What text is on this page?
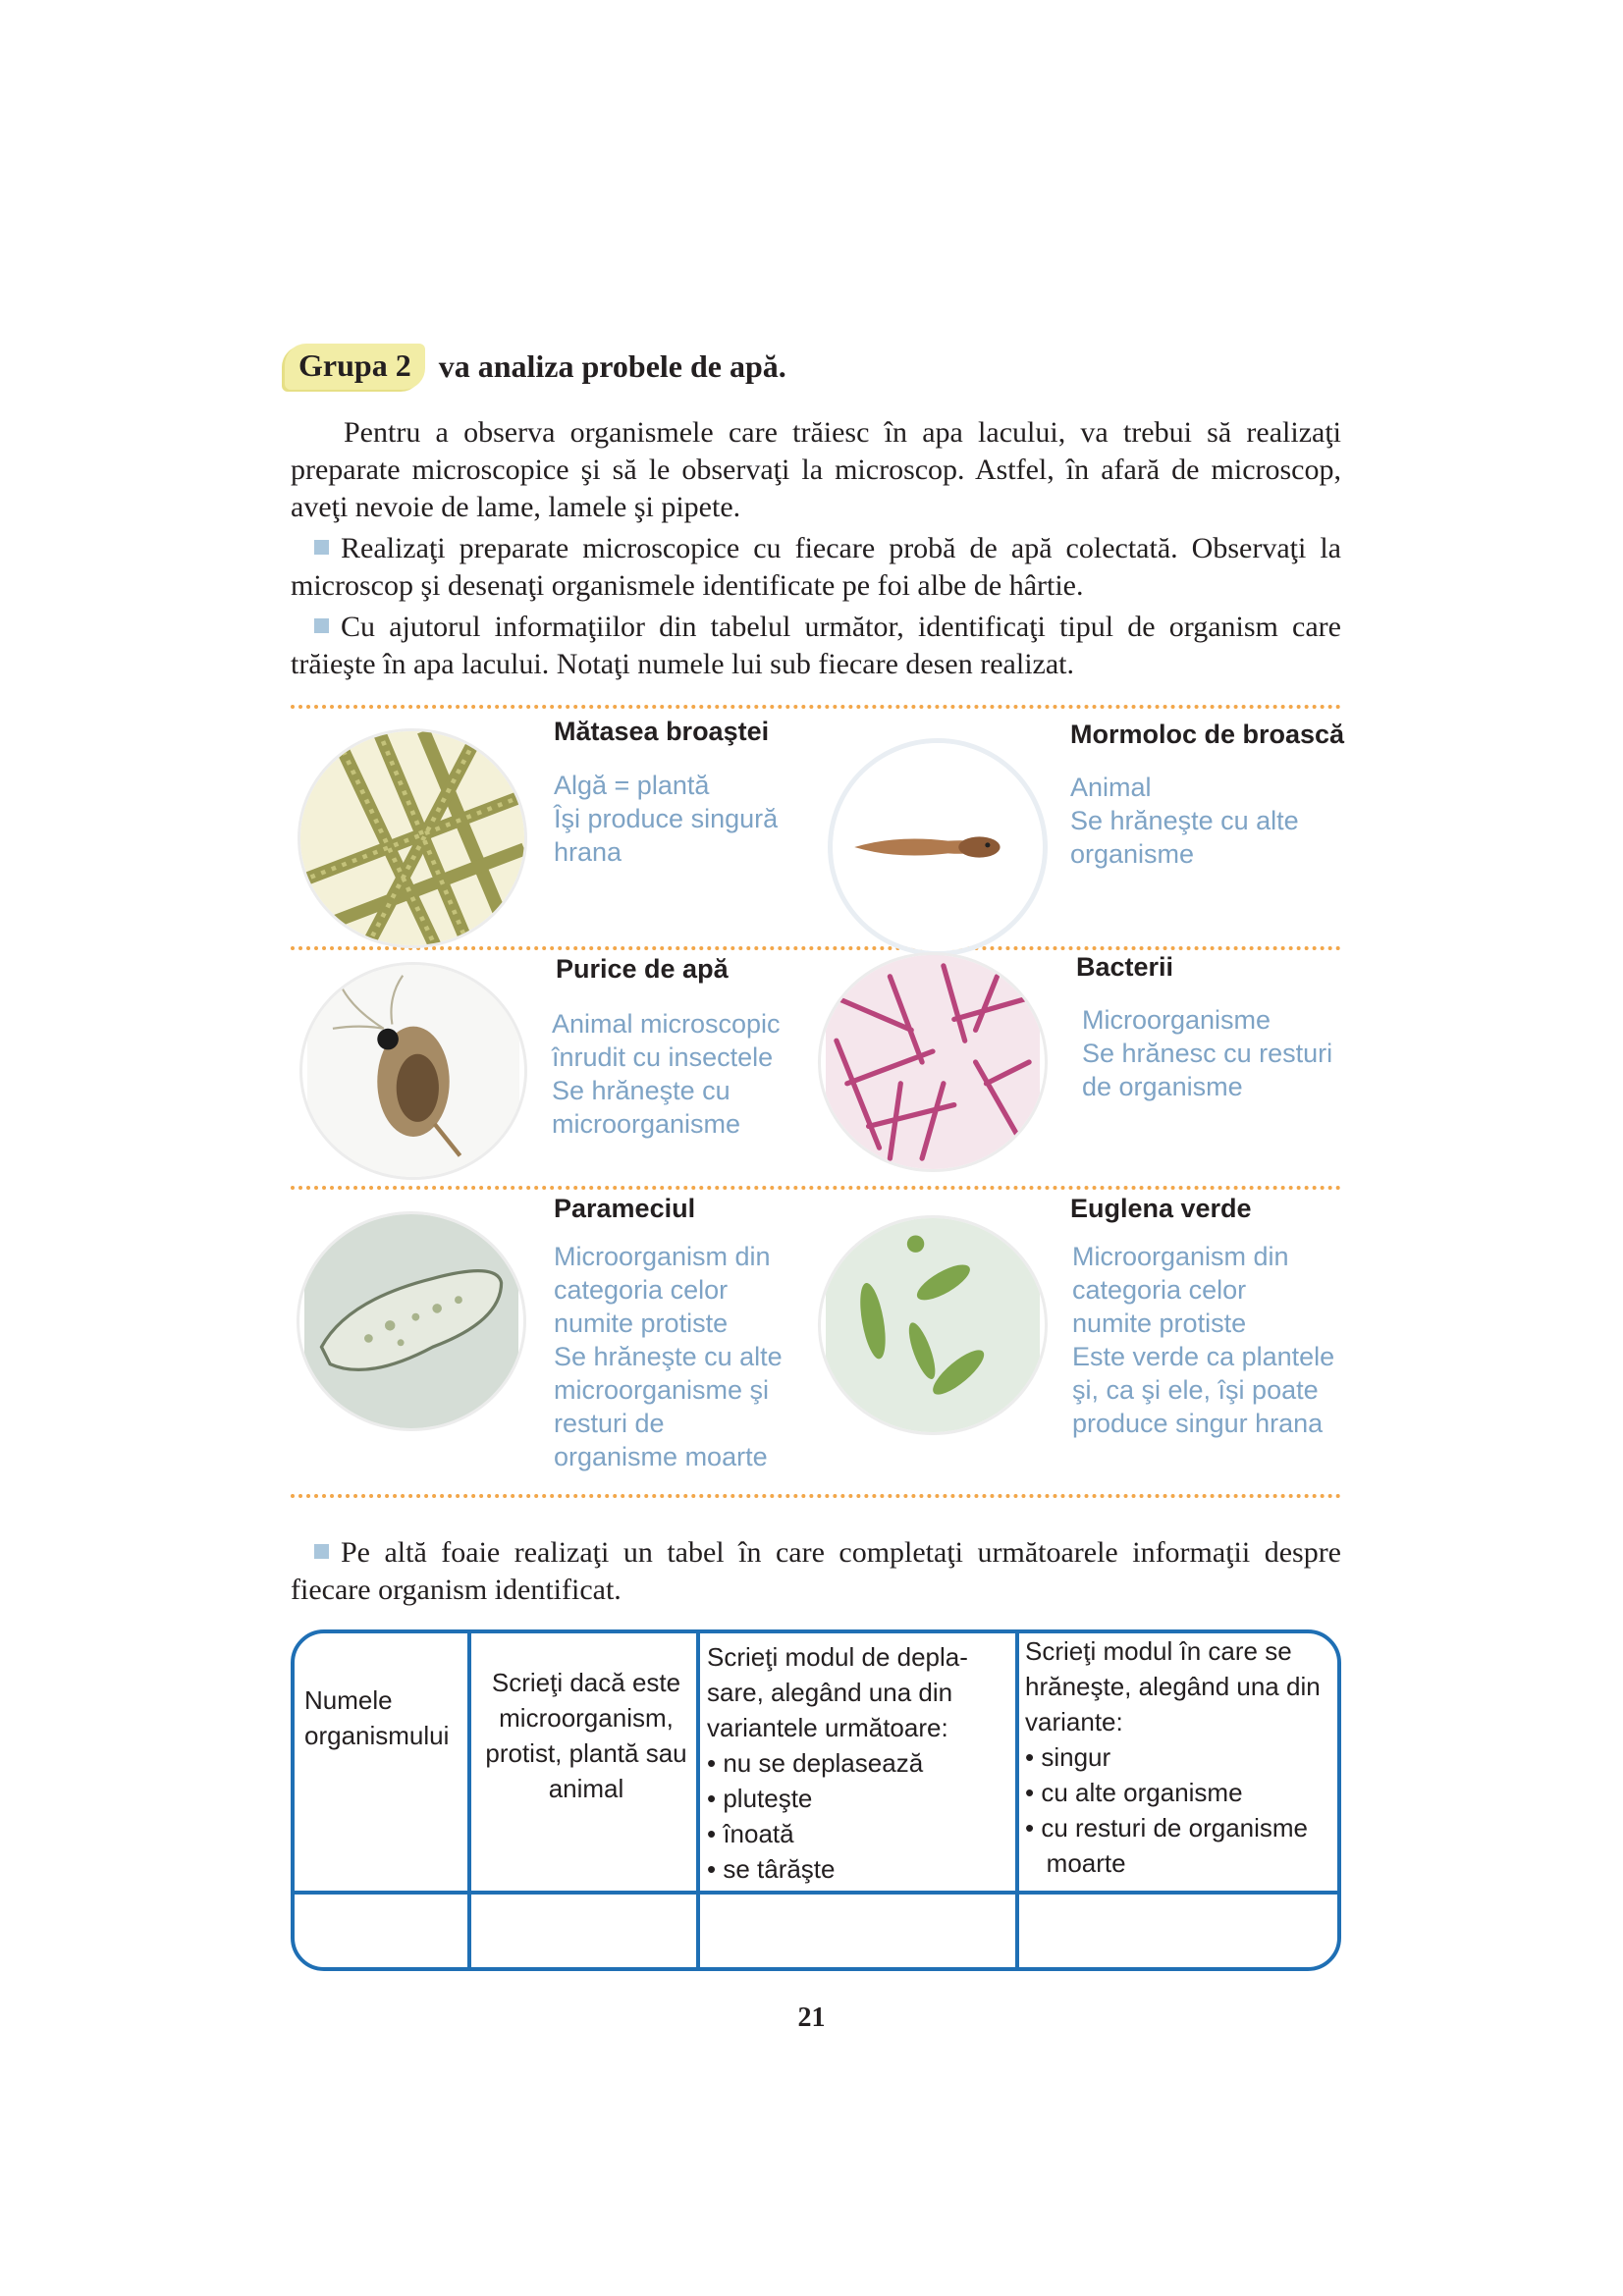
Grupa 2 va analiza probele de apă.

Pentru a observa organismele care trăiesc în apa lacului, va trebui să realizaţi preparate microscopice şi să le observaţi la microscop. Astfel, în afară de microscop, aveţi nevoie de lame, lamele şi pipete.

Realizaţi preparate microscopice cu fiecare probă de apă colectată. Observaţi la microscop şi desenaţi organismele identificate pe foi albe de hârtie.

Cu ajutorul informaţiilor din tabelul următor, identificaţi tipul de organism care trăieşte în apa lacului. Notaţi numele lui sub fiecare desen realizat.

Mătasea broaştei
Algă = plantă
Îşi produce singură
hrana
Mormoloc de broască
Animal
Se hrăneşte cu alte
organisme
Purice de apă
Animal microscopic
înrudit cu insectele
Se hrăneşte cu
microorganisme
Bacterii
Microorganisme
Se hrănesc cu resturi
de organisme
Parameciul
Microorganism din
categoria celor
numite protiste
Se hrăneşte cu alte
microorganisme şi
resturi de
organisme moarte
Euglena verde
Microorganism din
categoria celor
numite protiste
Este verde ca plantele
şi, ca şi ele, îşi poate
produce singur hrana

Pe altă foaie realizaţi un tabel în care completaţi următoarele informaţii despre fiecare organism identificat.

Numele
organismului
Scrieţi dacă este
microorganism,
protist, plantă sau
animal
Scrieţi modul de depla-
sare, alegând una din
variantele următoare:
• nu se deplasează
• pluteşte
• înoată
• se târăşte
Scrieţi modul în care se
hrăneşte, alegând una din
variante:
• singur
• cu alte organisme
• cu resturi de organisme
moarte
21
